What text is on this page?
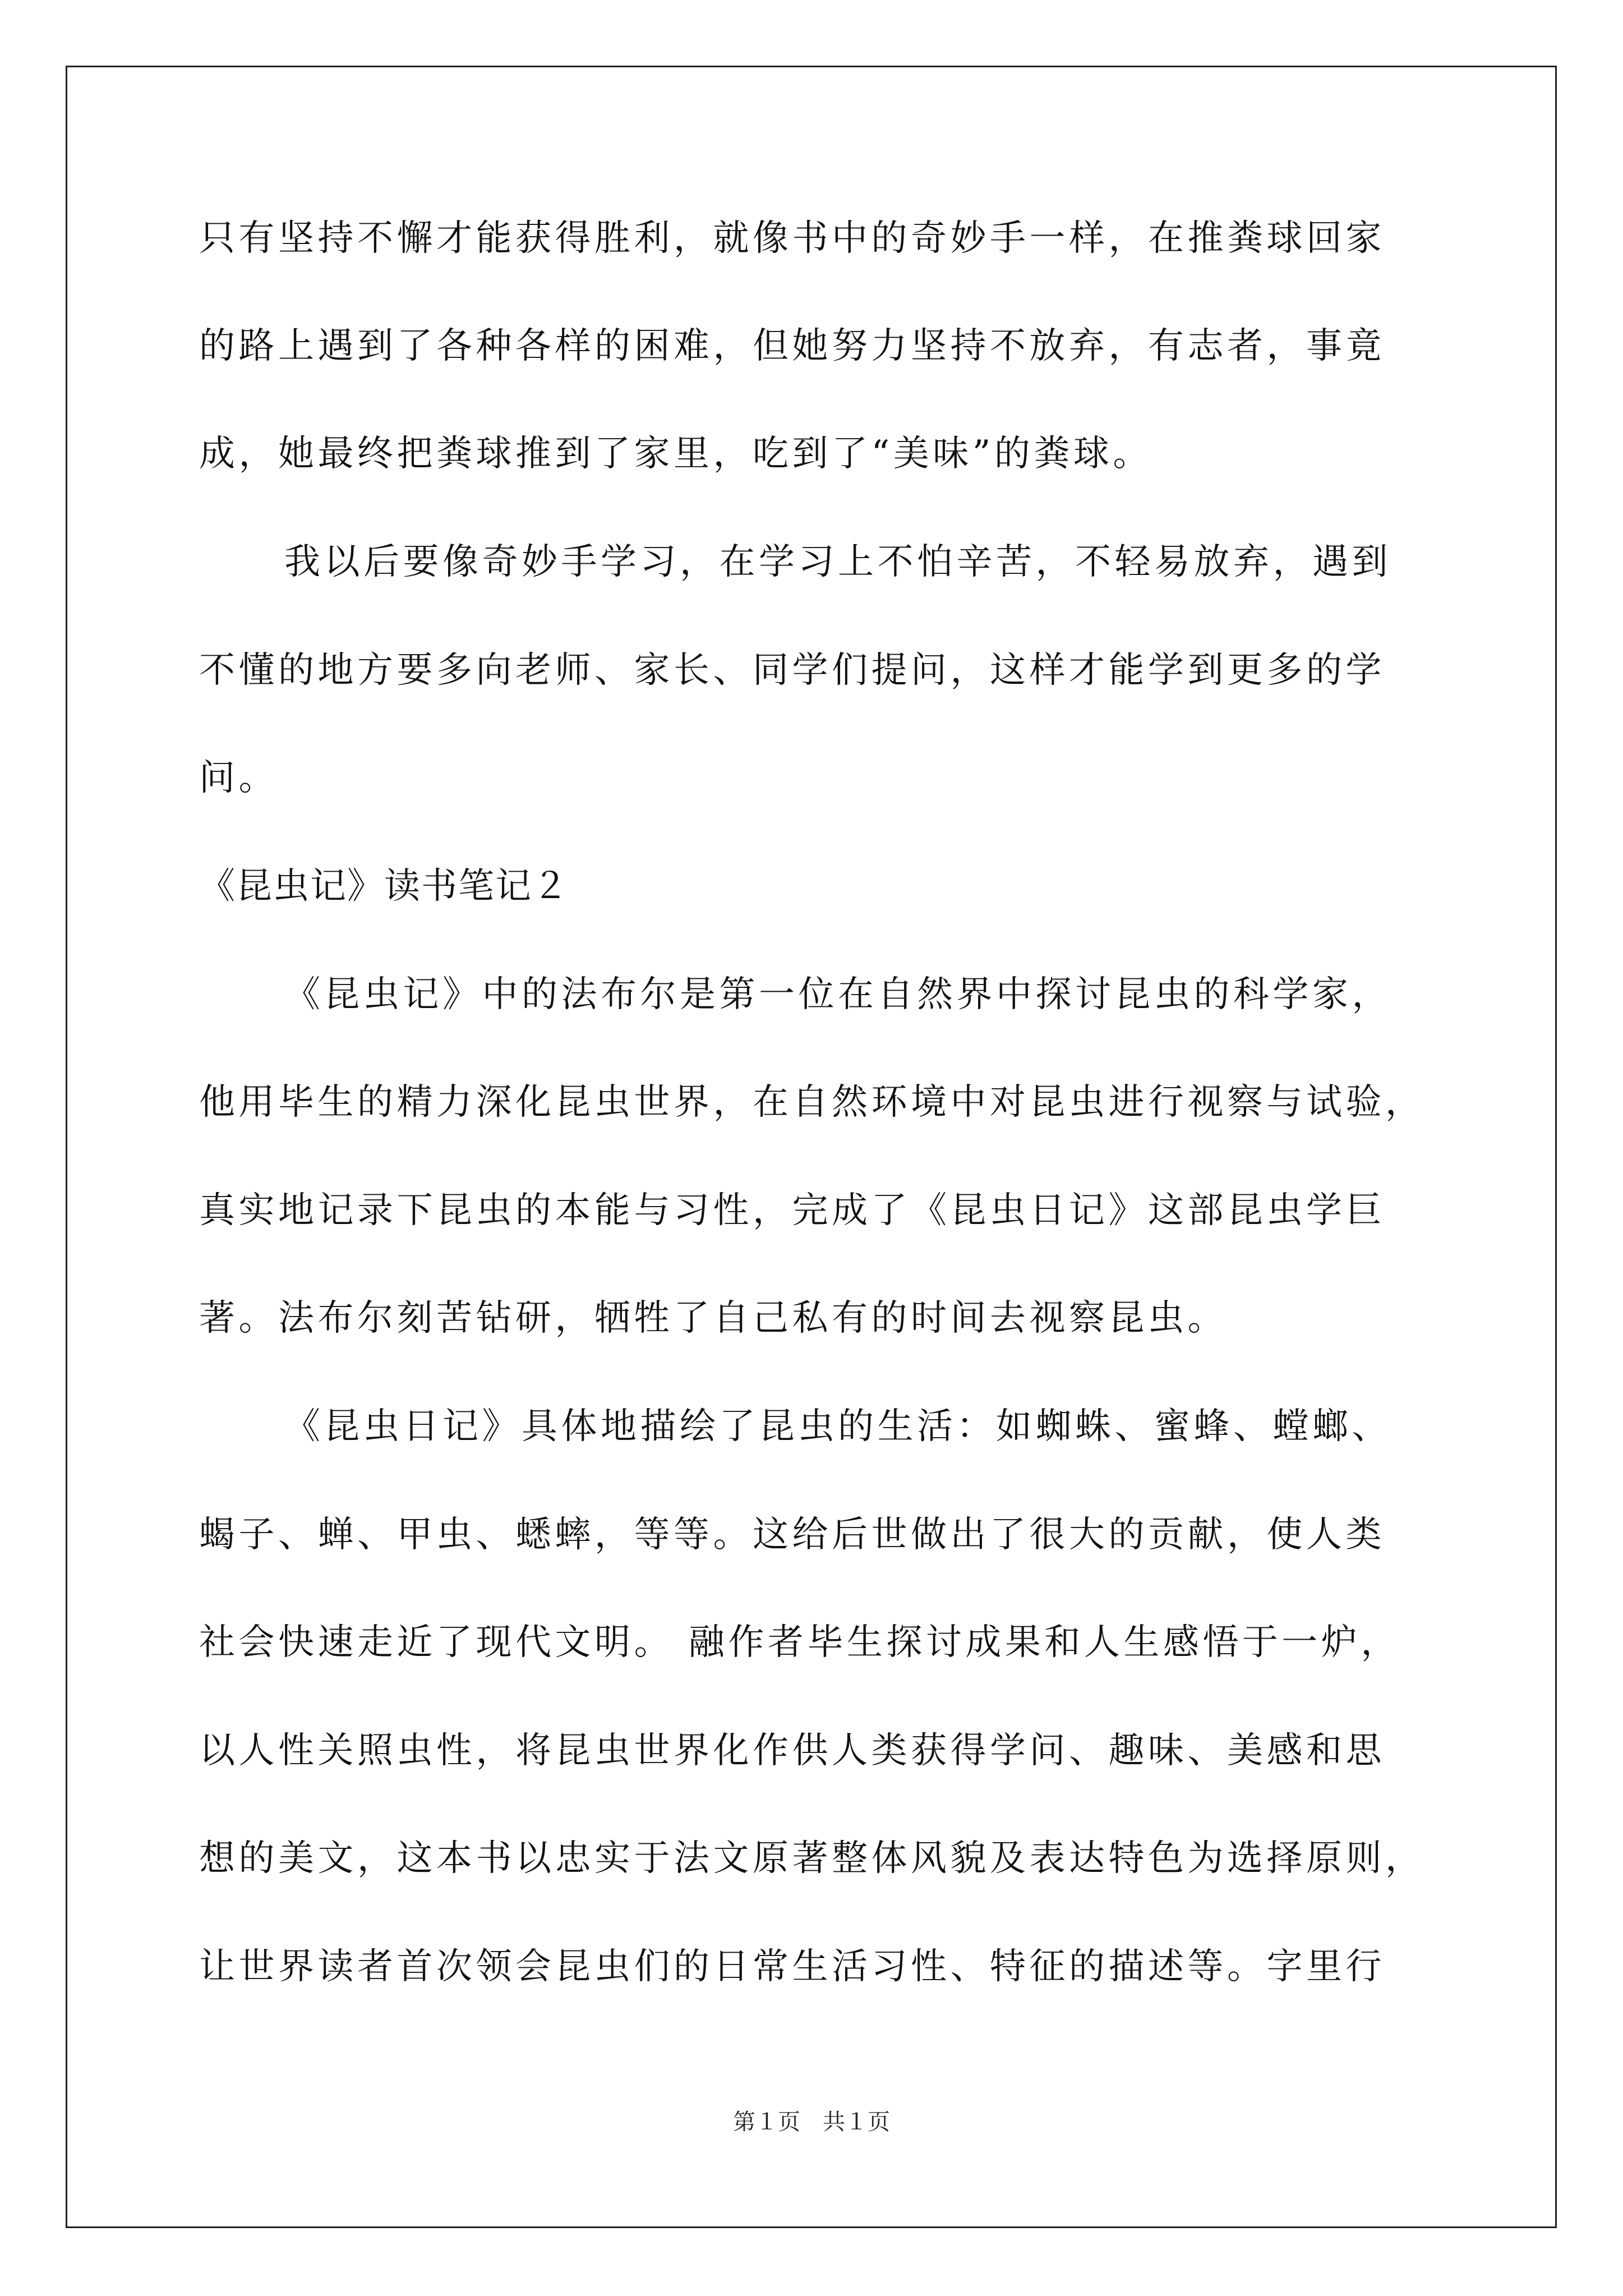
只有坚持不懈才能获得胜利，就像书中的奇妙手一样，在推粪球回家
的路上遇到了各种各样的困难，但她努力坚持不放弃，有志者，事竟
成，她最终把粪球推到了家里，吃到了“美味”的粪球。
我以后要像奇妙手学习，在学习上不怕辛苦，不轻易放弃，遇到
不懂的地方要多向老师、家长、同学们提问，这样才能学到更多的学
问。
《昆虫记》读书笔记２
《昆虫记》中的法布尔是第一位在自然界中探讨昆虫的科学家，
他用毕生的精力深化昆虫世界，在自然环境中对昆虫进行视察与试验，
真实地记录下昆虫的本能与习性，完成了《昆虫日记》这部昆虫学巨
著。法布尔刻苦钻研，牺牲了自己私有的时间去视察昆虫。
《昆虫日记》具体地描绘了昆虫的生活：如蜘蛛、蜜蜂、螳螂、
蝎子、蝉、甲虫、蟋蟀，等等。这给后世做出了很大的贡献，使人类
社会快速走近了现代文明。 融作者毕生探讨成果和人生感悟于一炉，
以人性关照虫性，将昆虫世界化作供人类获得学问、趣味、美感和思
想的美文，这本书以忠实于法文原著整体风貌及表达特色为选择原则，
让世界读者首次领会昆虫们的日常生活习性、特征的描述等。字里行
第１页　共１页
